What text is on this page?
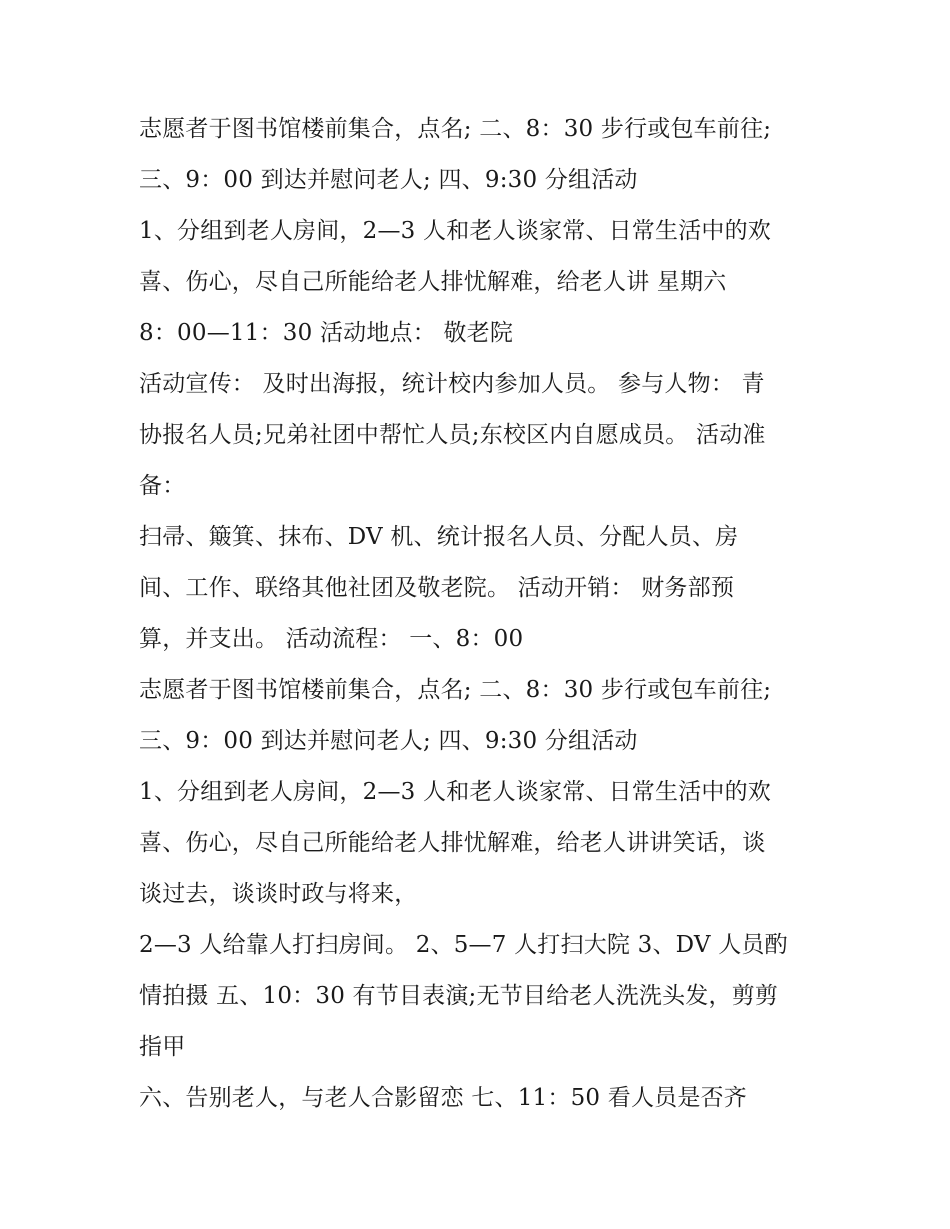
志愿者于图书馆楼前集合，点名; 二、8：30 步行或包车前往;
三、9：00 到达并慰问老人; 四、9:30 分组活动
1、分组到老人房间，2—3 人和老人谈家常、日常生活中的欢
喜、伤心，尽自己所能给老人排忧解难，给老人讲 星期六
8：00—11：30 活动地点： 敬老院
活动宣传： 及时出海报，统计校内参加人员。 参与人物： 青
协报名人员;兄弟社团中帮忙人员;东校区内自愿成员。 活动准
备：
扫帚、簸箕、抹布、DV 机、统计报名人员、分配人员、房
间、工作、联络其他社团及敬老院。 活动开销： 财务部预
算，并支出。 活动流程： 一、8：00
志愿者于图书馆楼前集合，点名; 二、8：30 步行或包车前往;
三、9：00 到达并慰问老人; 四、9:30 分组活动
1、分组到老人房间，2—3 人和老人谈家常、日常生活中的欢
喜、伤心，尽自己所能给老人排忧解难，给老人讲讲笑话，谈
谈过去，谈谈时政与将来，
2—3 人给靠人打扫房间。 2、5—7 人打扫大院 3、DV 人员酌
情拍摄 五、10：30 有节目表演;无节目给老人洗洗头发，剪剪
指甲
六、告别老人，与老人合影留恋 七、11：50 看人员是否齐
